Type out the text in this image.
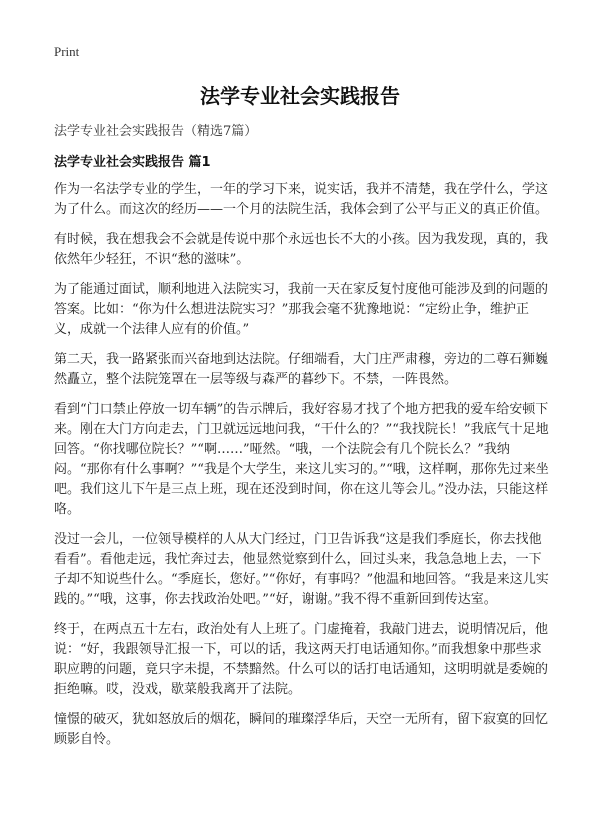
Print
法学专业社会实践报告

法学专业社会实践报告（精选7篇）

法学专业社会实践报告 篇1

作为一名法学专业的学生，一年的学习下来，说实话，我并不清楚，我在学什么，学这为了什么。而这次的经历——一个月的法院生活，我体会到了公平与正义的真正价值。

有时候，我在想我会不会就是传说中那个永远也长不大的小孩。因为我发现，真的，我依然年少轻狂，不识“愁的滋味”。

为了能通过面试，顺利地进入法院实习，我前一天在家反复忖度他可能涉及到的问题的答案。比如：“你为什么想进法院实习？”那我会毫不犹豫地说：“定纷止争，维护正义，成就一个法律人应有的价值。”

第二天，我一路紧张而兴奋地到达法院。仔细端看，大门庄严肃穆，旁边的二尊石狮巍然矗立，整个法院笼罩在一层等级与森严的暮纱下。不禁，一阵畏然。

看到“门口禁止停放一切车辆”的告示牌后，我好容易才找了个地方把我的爱车给安顿下来。刚在大门方向走去，门卫就远远地问我，“干什么的？”“我找院长！”我底气十足地回答。“你找哪位院长？”“啊……”哑然。“哦，一个法院会有几个院长么？”我纳闷。“那你有什么事啊？”“我是个大学生，来这儿实习的。”“哦，这样啊，那你先过来坐吧。我们这儿下午是三点上班，现在还没到时间，你在这儿等会儿。”没办法，只能这样咯。

没过一会儿，一位领导模样的人从大门经过，门卫告诉我“这是我们季庭长，你去找他看看”。看他走远，我忙奔过去，他显然觉察到什么，回过头来，我急急地上去，一下子却不知说些什么。“季庭长，您好。”“你好，有事吗？”他温和地回答。“我是来这儿实践的。”“哦，这事，你去找政治处吧。”“好，谢谢。”我不得不重新回到传达室。

终于，在两点五十左右，政治处有人上班了。门虚掩着，我敲门进去，说明情况后，他说：“好，我跟领导汇报一下，可以的话，我这两天打电话通知你。”而我想象中那些求职应聘的问题，竟只字未提，不禁黯然。什么可以的话打电话通知，这明明就是委婉的拒绝嘛。哎，没戏，歇菜般我离开了法院。

憧憬的破灭，犹如怒放后的烟花，瞬间的璀璨浮华后，天空一无所有，留下寂寞的回忆顾影自怜。
